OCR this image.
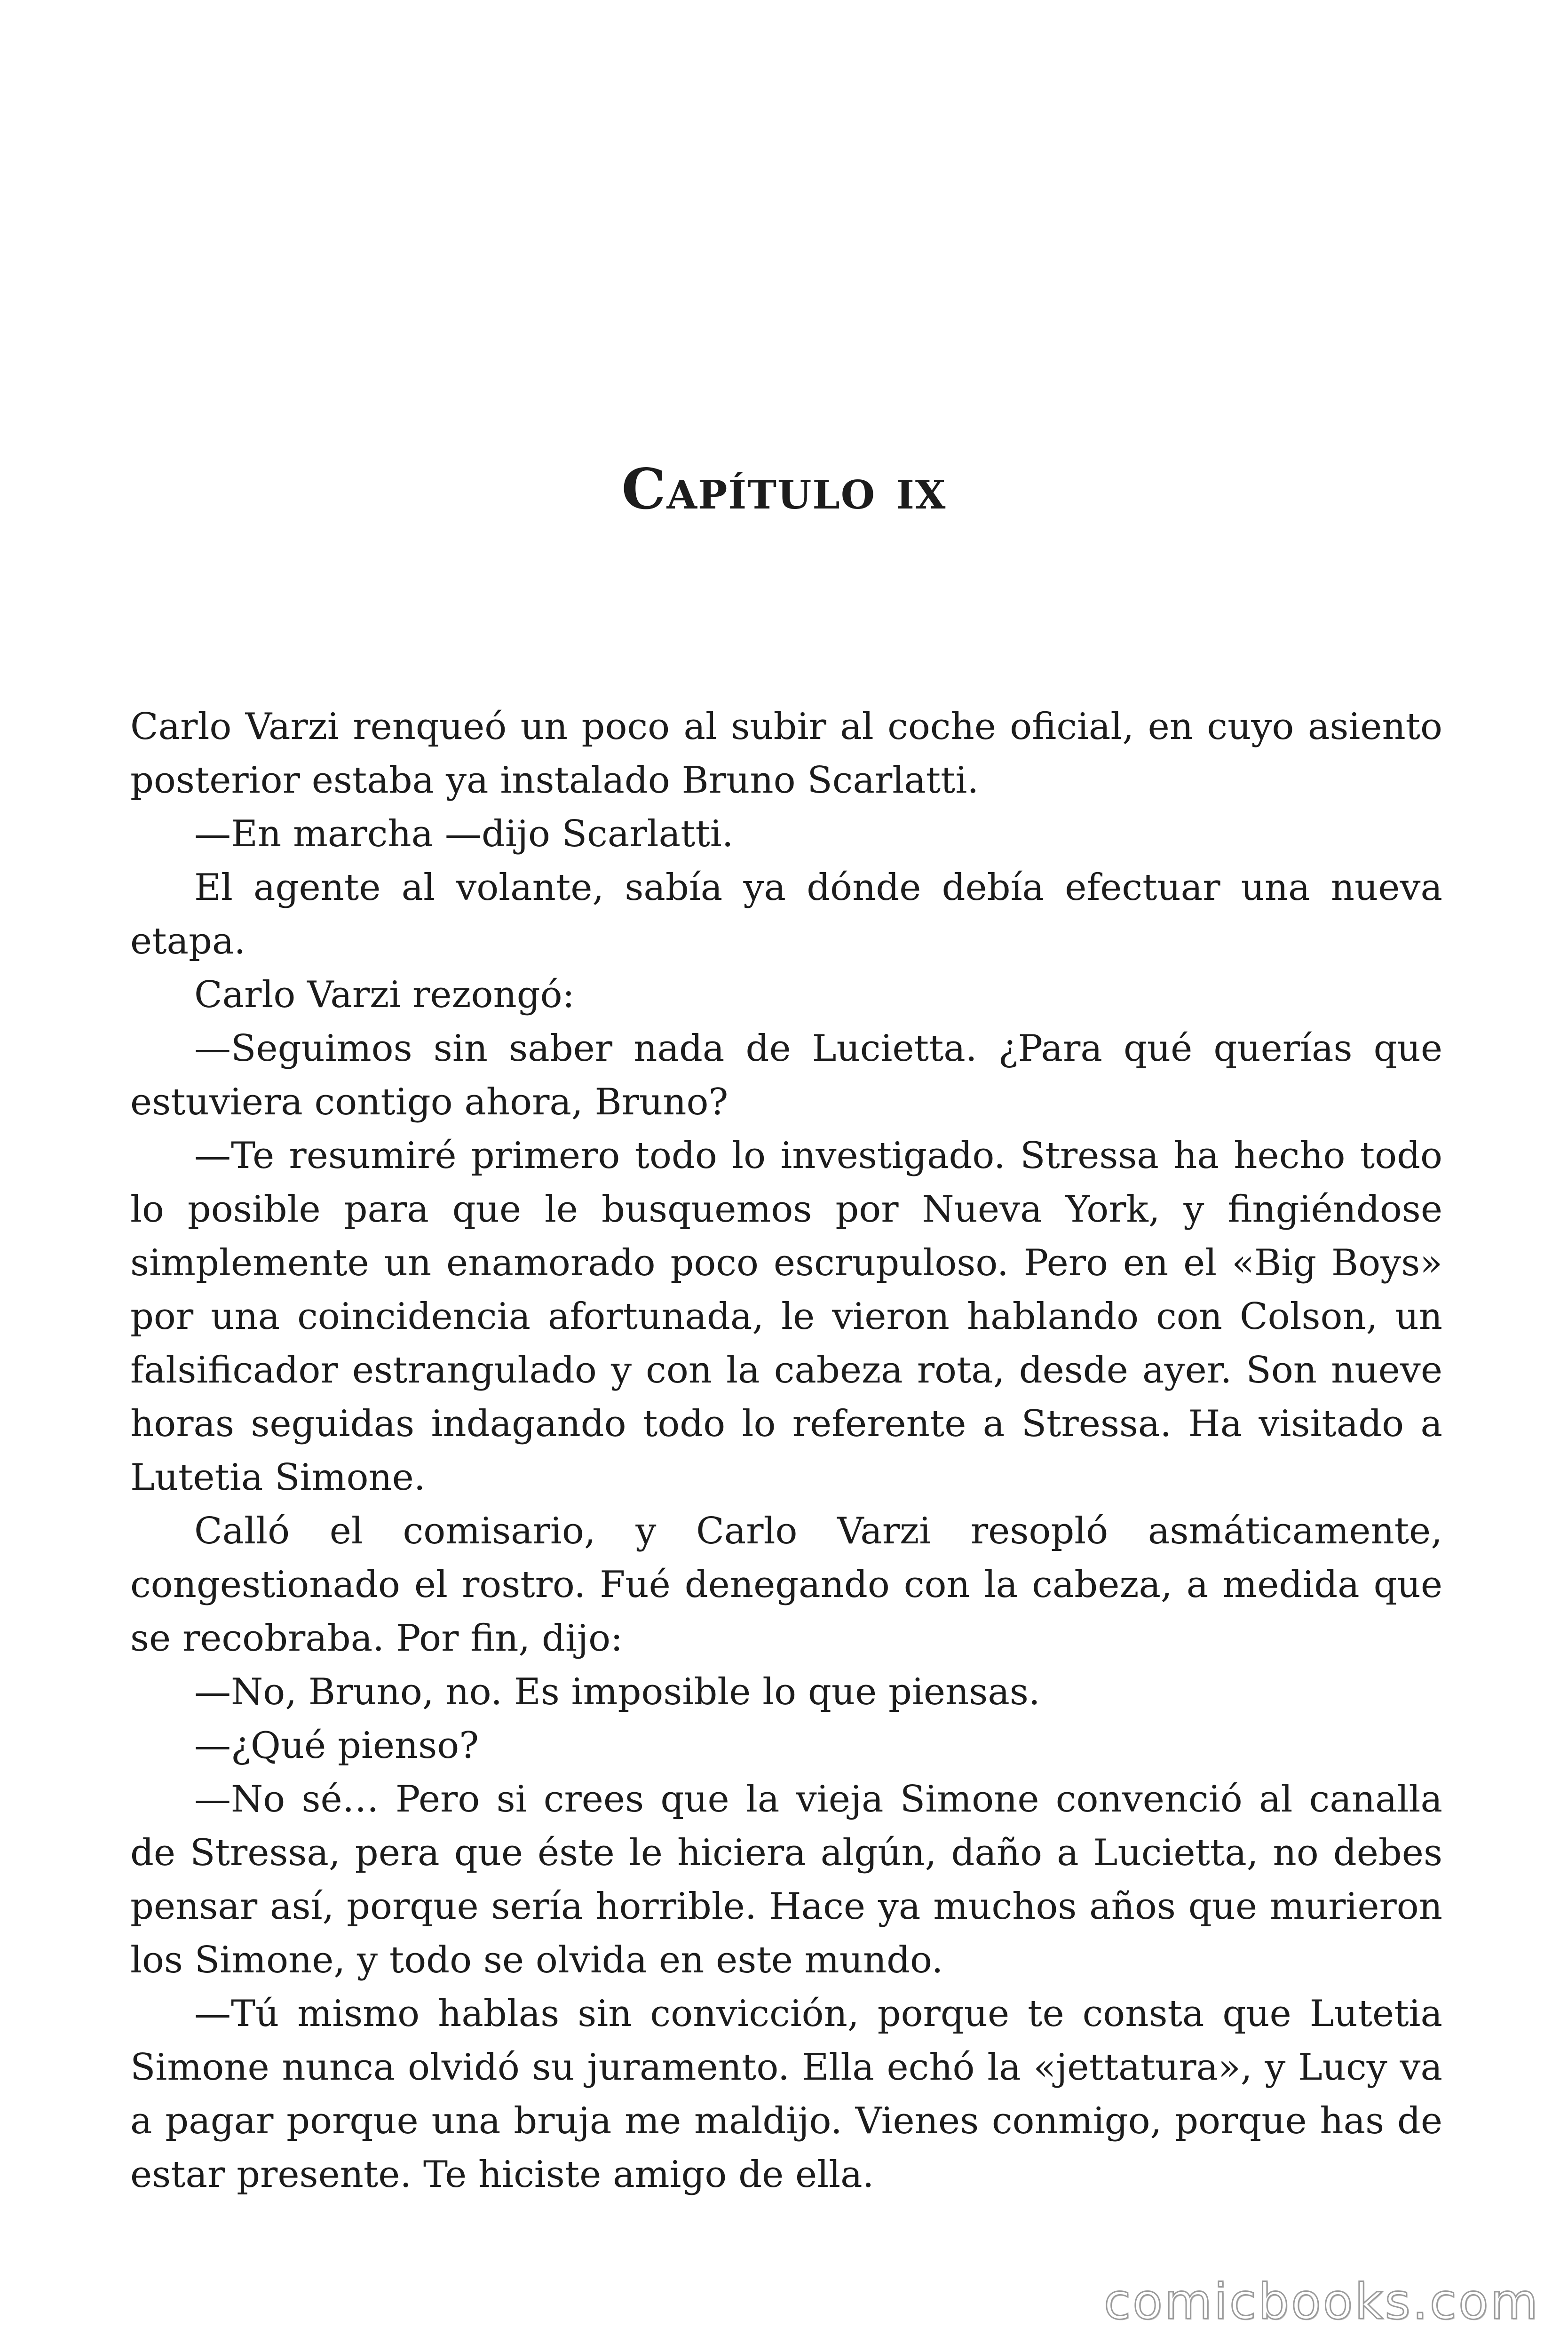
Capítulo ix

Carlo Varzi renqueó un poco al subir al coche oficial, en cuyo asiento posterior estaba ya instalado Bruno Scarlatti.

—En marcha —dijo Scarlatti.

El agente al volante, sabía ya dónde debía efectuar una nueva etapa.

Carlo Varzi rezongó:

—Seguimos sin saber nada de Lucietta. ¿Para qué querías que estuviera contigo ahora, Bruno?

—Te resumiré primero todo lo investigado. Stressa ha hecho todo lo posible para que le busquemos por Nueva York, y fingiéndose simplemente un enamorado poco escrupuloso. Pero en el «Big Boys» por una coincidencia afortunada, le vieron hablando con Colson, un falsificador estrangulado y con la cabeza rota, desde ayer. Son nueve horas seguidas indagando todo lo referente a Stressa. Ha visitado a Lutetia Simone.

Calló el comisario, y Carlo Varzi resopló asmáticamente, congestionado el rostro. Fué denegando con la cabeza, a medida que se recobraba. Por fin, dijo:

—No, Bruno, no. Es imposible lo que piensas.

—¿Qué pienso?

—No sé… Pero si crees que la vieja Simone convenció al canalla de Stressa, pera que éste le hiciera algún, daño a Lucietta, no debes pensar así, porque sería horrible. Hace ya muchos años que murieron los Simone, y todo se olvida en este mundo.

—Tú mismo hablas sin convicción, porque te consta que Lutetia Simone nunca olvidó su juramento. Ella echó la «jettatura», y Lucy va a pagar porque una bruja me maldijo. Vienes conmigo, porque has de estar presente. Te hiciste amigo de ella.

comicbooks.com
